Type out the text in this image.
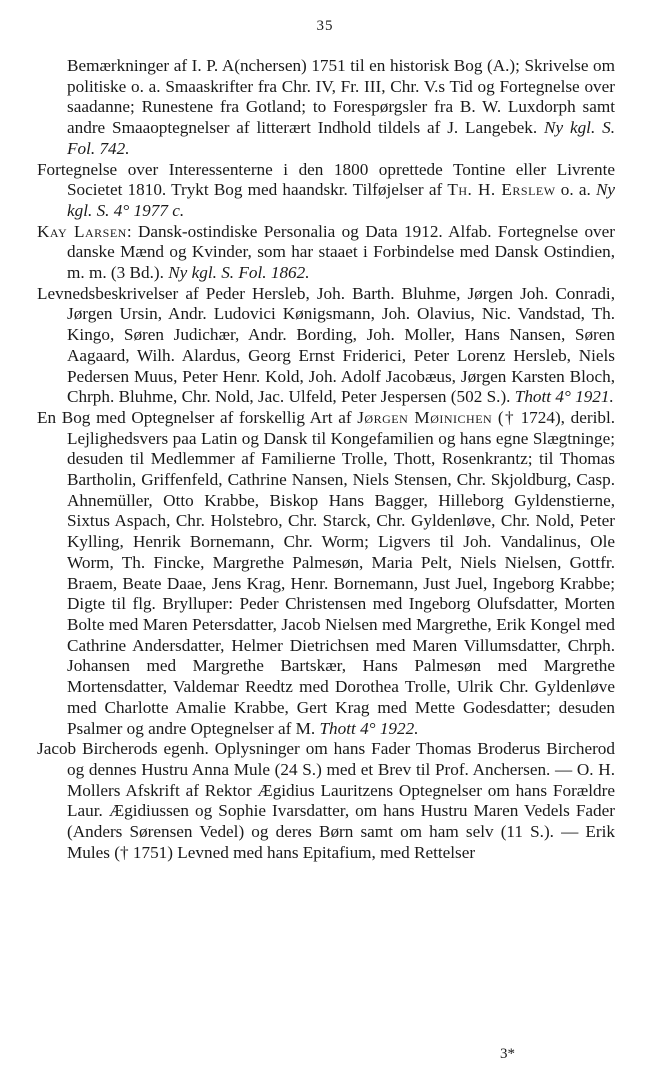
35

Bemærkninger af I. P. A(nchersen) 1751 til en historisk Bog (A.); Skrivelse om politiske o. a. Smaaskrifter fra Chr. IV, Fr. III, Chr. V.s Tid og Fortegnelse over saadanne; Runestene fra Gotland; to Forespørgsler fra B. W. Luxdorph samt andre Smaaoptegnelser af litterært Indhold tildels af J. Langebek. Ny kgl. S. Fol. 742.

Fortegnelse over Interessenterne i den 1800 oprettede Tontine eller Livrente Societet 1810. Trykt Bog med haandskr. Tilføjelser af Th. H. Erslew o. a. Ny kgl. S. 4° 1977 c.

Kay Larsen: Dansk-ostindiske Personalia og Data 1912. Alfab. Fortegnelse over danske Mænd og Kvinder, som har staaet i Forbindelse med Dansk Ostindien, m. m. (3 Bd.). Ny kgl. S. Fol. 1862.

Levnedsbeskrivelser af Peder Hersleb, Joh. Barth. Bluhme, Jørgen Joh. Conradi, Jørgen Ursin, Andr. Ludovici Kønigsmann, Joh. Olavius, Nic. Vandstad, Th. Kingo, Søren Judichær, Andr. Bording, Joh. Moller, Hans Nansen, Søren Aagaard, Wilh. Alardus, Georg Ernst Friderici, Peter Lorenz Hersleb, Niels Pedersen Muus, Peter Henr. Kold, Joh. Adolf Jacobæus, Jørgen Karsten Bloch, Chrph. Bluhme, Chr. Nold, Jac. Ulfeld, Peter Jespersen (502 S.). Thott 4° 1921.

En Bog med Optegnelser af forskellig Art af Jørgen Møinichen († 1724), deribl. Lejlighedsvers paa Latin og Dansk til Kongefamilien og hans egne Slægtninge; desuden til Medlemmer af Familierne Trolle, Thott, Rosenkrantz; til Thomas Bartholin, Griffenfeld, Cathrine Nansen, Niels Stensen, Chr. Skjoldburg, Casp. Ahnemüller, Otto Krabbe, Biskop Hans Bagger, Hilleborg Gyldenstierne, Sixtus Aspach, Chr. Holstebro, Chr. Starck, Chr. Gyldenløve, Chr. Nold, Peter Kylling, Henrik Bornemann, Chr. Worm; Ligvers til Joh. Vandalinus, Ole Worm, Th. Fincke, Margrethe Palmesøn, Maria Pelt, Niels Nielsen, Gottfr. Braem, Beate Daae, Jens Krag, Henr. Bornemann, Just Juel, Ingeborg Krabbe; Digte til flg. Brylluper: Peder Christensen med Ingeborg Olufsdatter, Morten Bolte med Maren Petersdatter, Jacob Nielsen med Margrethe, Erik Kongel med Cathrine Andersdatter, Helmer Dietrichsen med Maren Villumsdatter, Chrph. Johansen med Margrethe Bartskær, Hans Palmesøn med Margrethe Mortensdatter, Valdemar Reedtz med Dorothea Trolle, Ulrik Chr. Gyldenløve med Charlotte Amalie Krabbe, Gert Krag med Mette Godesdatter; desuden Psalmer og andre Optegnelser af M. Thott 4° 1922.

Jacob Bircherods egenh. Oplysninger om hans Fader Thomas Broderus Bircherod og dennes Hustru Anna Mule (24 S.) med et Brev til Prof. Anchersen. — O. H. Mollers Afskrift af Rektor Ægidius Lauritzens Optegnelser om hans Forældre Laur. Ægidiussen og Sophie Ivarsdatter, om hans Hustru Maren Vedels Fader (Anders Sørensen Vedel) og deres Børn samt om ham selv (11 S.). — Erik Mules († 1751) Levned med hans Epitafium, med Rettelser

3*
